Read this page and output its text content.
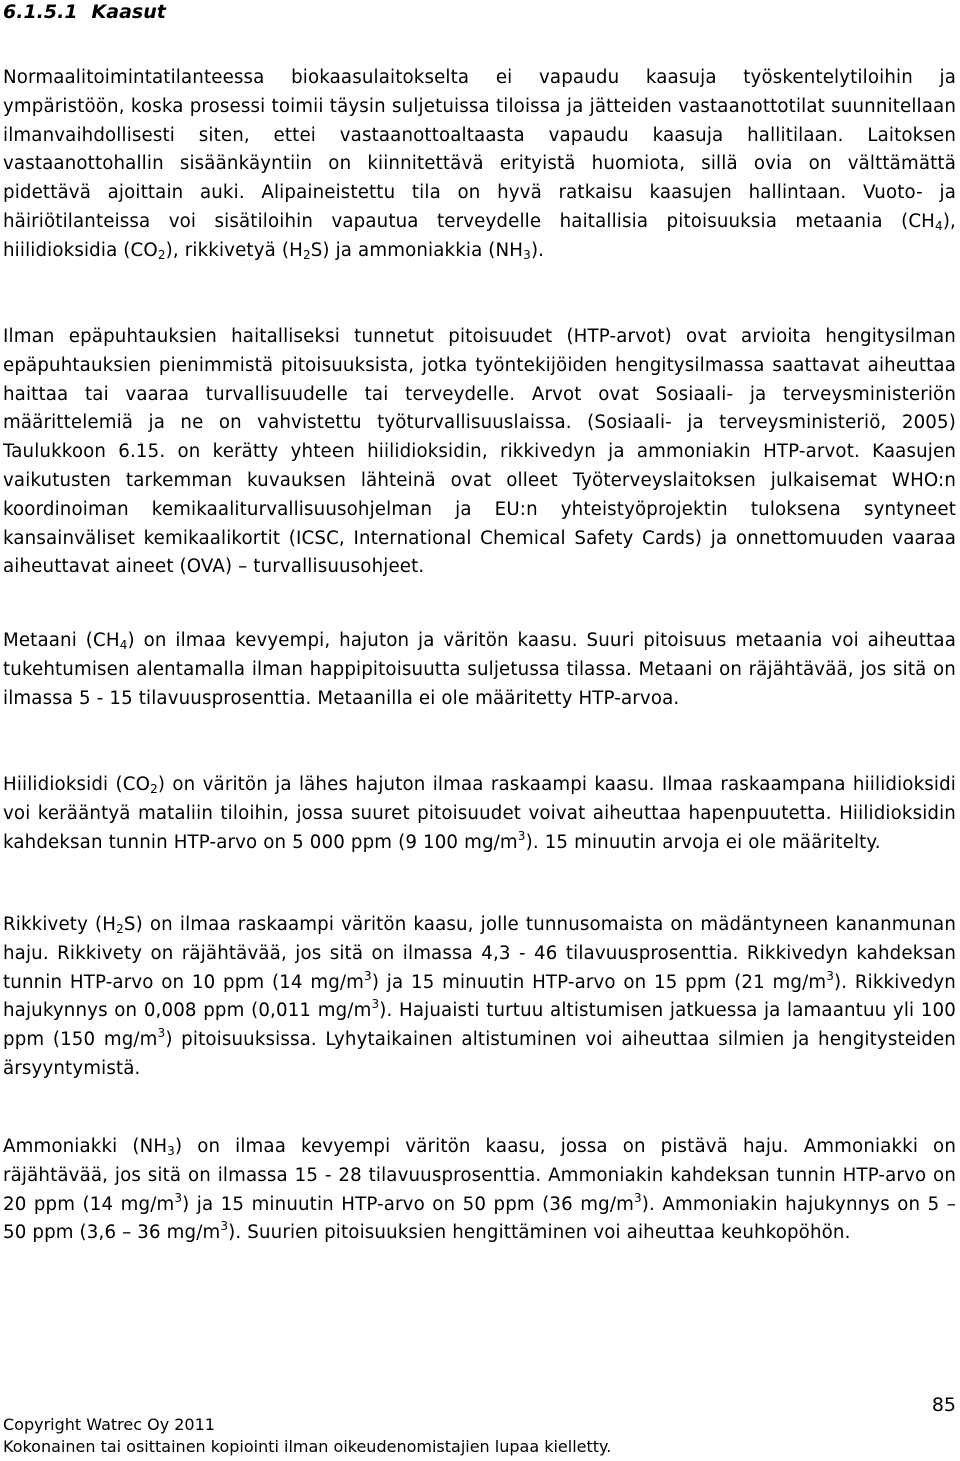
6.1.5.1 Kaasut
Normaalitoimintatilanteessa biokaasulaitokselta ei vapaudu kaasuja työskentelytiloihin ja ympäristöön, koska prosessi toimii täysin suljetuissa tiloissa ja jätteiden vastaanottotilat suunnitellaan ilmanvaihdollisesti siten, ettei vastaanottoaltaasta vapaudu kaasuja hallitilaan. Laitoksen vastaanottohallin sisäänkäyntiin on kiinnitettävä erityistä huomiota, sillä ovia on välttämättä pidettävä ajoittain auki. Alipaineistettu tila on hyvä ratkaisu kaasujen hallintaan. Vuoto- ja häiriötilanteissa voi sisätiloihin vapautua terveydelle haitallisia pitoisuuksia metaania $(CH_4)$, hiilidioksidia $(CO_2)$, rikkivetyä $(H_2S)$ ja ammoniakkia $(NH_3)$.
Ilman epäpuhtauksien haitalliseksi tunnetut pitoisuudet (HTP-arvot) ovat arvioita hengitysilman epäpuhtauksien pienimmistä pitoisuuksista, jotka työntekijöiden hengitysilmassa saattavat aiheuttaa haittaa tai vaaraa turvallisuudelle tai terveydelle. Arvot ovat Sosiaali- ja terveysministeriön määrittelemiä ja ne on vahvistettu työturvallisuuslaissa. (Sosiaali- ja terveysministeriö, 2005) Taulukkoon 6.15. on kerätty yhteen hiilidioksidin, rikkivedyn ja ammoniakin HTP-arvot. Kaasujen vaikutusten tarkemman kuvauksen lähteinä ovat olleet Työterveyslaitoksen julkaisemat WHO:n koordinoiman kemikaaliturvallisuusohjelman ja EU:n yhteistyöprojektin tuloksena syntyneet kansainväliset kemikaalikortit (ICSC, International Chemical Safety Cards) ja onnettomuuden vaaraa aiheuttavat aineet (OVA) – turvallisuusohjeet.
Metaani $(CH_4)$ on ilmaa kevyempi, hajuton ja väritön kaasu. Suuri pitoisuus metaania voi aiheuttaa tukehtumisen alentamalla ilman happipitoisuutta suljetussa tilassa. Metaani on räjähtävää, jos sitä on ilmassa 5 - 15 tilavuusprosenttia. Metaanilla ei ole määritetty HTP-arvoa.
Hiilidioksidi $(CO_2)$ on väritön ja lähes hajuton ilmaa raskaampi kaasu. Ilmaa raskaampana hiilidioksidi voi kerääntyä mataliin tiloihin, jossa suuret pitoisuudet voivat aiheuttaa hapenpuutetta. Hiilidioksidin kahdeksan tunnin HTP-arvo on 5 000 ppm (9 100 $mg/m^3$). 15 minuutin arvoja ei ole määritelty.
Rikkivety $(H_2S)$ on ilmaa raskaampi väritön kaasu, jolle tunnusomaista on mädäntyneen kananmunan haju. Rikkivety on räjähtävää, jos sitä on ilmassa 4,3 - 46 tilavuusprosenttia. Rikkivedyn kahdeksan tunnin HTP-arvo on 10 ppm (14 $mg/m^3$) ja 15 minuutin HTP-arvo on 15 ppm (21 $mg/m^3$). Rikkivedyn hajukynnys on 0,008 ppm (0,011 $mg/m^3$). Hajuaisti turtuu altistumisen jatkuessa ja lamaantuu yli 100 ppm (150 $mg/m^3$) pitoisuuksissa. Lyhytaikainen altistuminen voi aiheuttaa silmien ja hengitysteiden ärsyyntymistä.
Ammoniakki $(NH_3)$ on ilmaa kevyempi väritön kaasu, jossa on pistävä haju. Ammoniakki on räjähtävää, jos sitä on ilmassa 15 - 28 tilavuusprosenttia. Ammoniakin kahdeksan tunnin HTP-arvo on 20 ppm (14 $mg/m^3$) ja 15 minuutin HTP-arvo on 50 ppm (36 $mg/m^3$). Ammoniakin hajukynnys on 5 – 50 ppm (3,6 – 36 $mg/m^3$). Suurien pitoisuuksien hengittäminen voi aiheuttaa keuhkopöhön.
85
Copyright Watrec Oy 2011
Kokonainen tai osittainen kopiointi ilman oikeudenomistajien lupaa kielletty.
